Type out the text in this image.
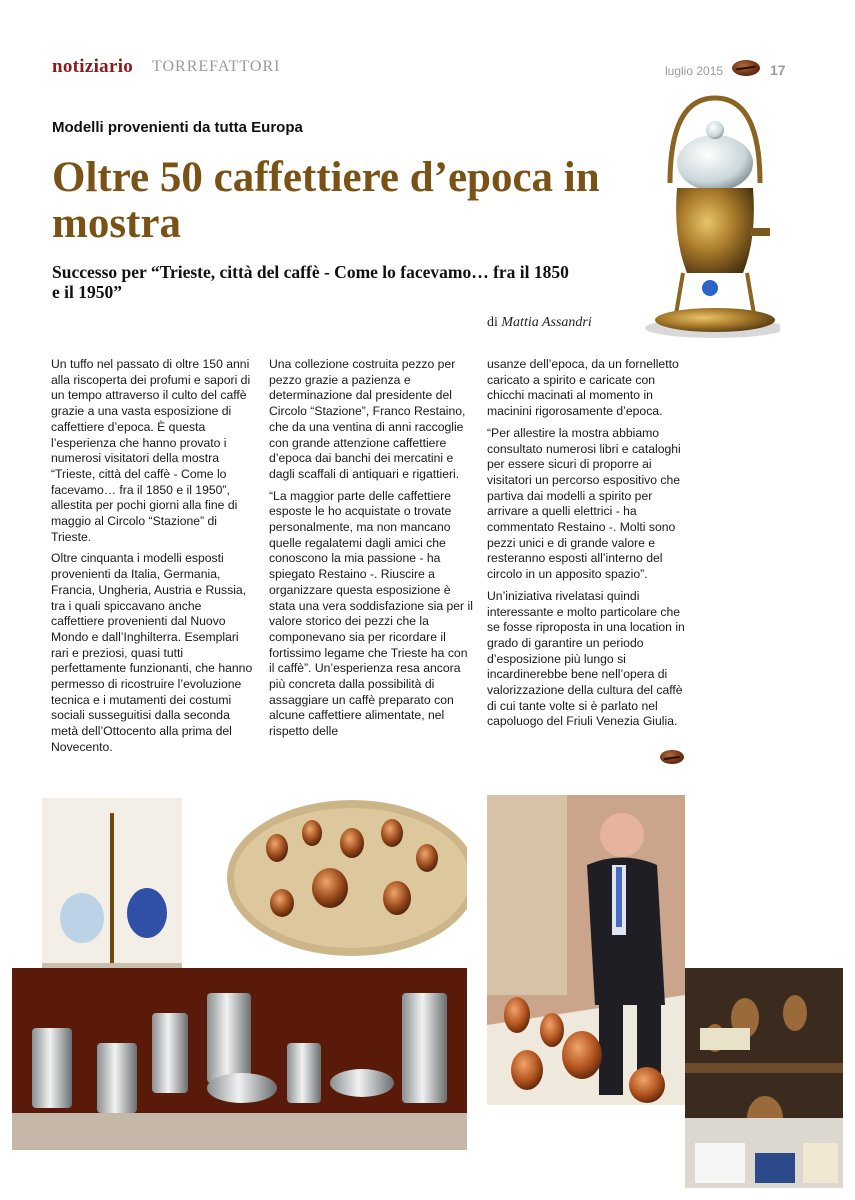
notiziario TORREFATTORI	luglio 2015	17
Modelli provenienti da tutta Europa
Oltre 50 caffettiere d’epoca in mostra
Successo per “Trieste, città del caffè - Come lo facevamo… fra il 1850 e il 1950”
di Mattia Assandri

Un tuffo nel passato di oltre 150 anni alla riscoperta dei profumi e sapori di un tempo attraverso il culto del caffè grazie a una vasta esposizione di caffettiere d’epoca. È questa l’esperienza che hanno provato i numerosi visitatori della mostra “Trieste, città del caffè - Come lo facevamo… fra il 1850 e il 1950”, allestita per pochi giorni alla fine di maggio al Circolo “Stazione” di Trieste.

Oltre cinquanta i modelli esposti provenienti da Italia, Germania, Francia, Ungheria, Austria e Russia, tra i quali spiccavano anche caffettiere provenienti dal Nuovo Mondo e dall’Inghilterra. Esemplari rari e preziosi, quasi tutti perfettamente funzionanti, che hanno permesso di ricostruire l’evoluzione tecnica e i mutamenti dei costumi sociali susseguitisi dalla seconda metà dell’Ottocento alla prima del Novecento.

Una collezione costruita pezzo per pezzo grazie a pazienza e determinazione dal presidente del Circolo “Stazione”, Franco Restaino, che da una ventina di anni raccoglie con grande attenzione caffettiere d’epoca dai banchi dei mercatini e dagli scaffali di antiquari e rigattieri.

“La maggior parte delle caffettiere esposte le ho acquistate o trovate personalmente, ma non mancano quelle regalatemi dagli amici che conoscono la mia passione - ha spiegato Restaino -. Riuscire a organizzare questa esposizione è stata una vera soddisfazione sia per il valore storico dei pezzi che la componevano sia per ricordare il fortissimo legame che Trieste ha con il caffè”. Un’esperienza resa ancora più concreta dalla possibilità di assaggiare un caffè preparato con alcune caffettiere alimentate, nel rispetto delle

usanze dell’epoca, da un fornelletto caricato a spirito e caricate con chicchi macinati al momento in macinini rigorosamente d’epoca.

“Per allestire la mostra abbiamo consultato numerosi libri e cataloghi per essere sicuri di proporre ai visitatori un percorso espositivo che partiva dai modelli a spirito per arrivare a quelli elettrici - ha commentato Restaino -. Molti sono pezzi unici e di grande valore e resteranno esposti all’interno del circolo in un apposito spazio”.

Un’iniziativa rivelatasi quindi interessante e molto particolare che se fosse riproposta in una location in grado di garantire un periodo d’esposizione più lungo si incardinerebbe bene nell’opera di valorizzazione della cultura del caffè di cui tante volte si è parlato nel capoluogo del Friuli Venezia Giulia.
